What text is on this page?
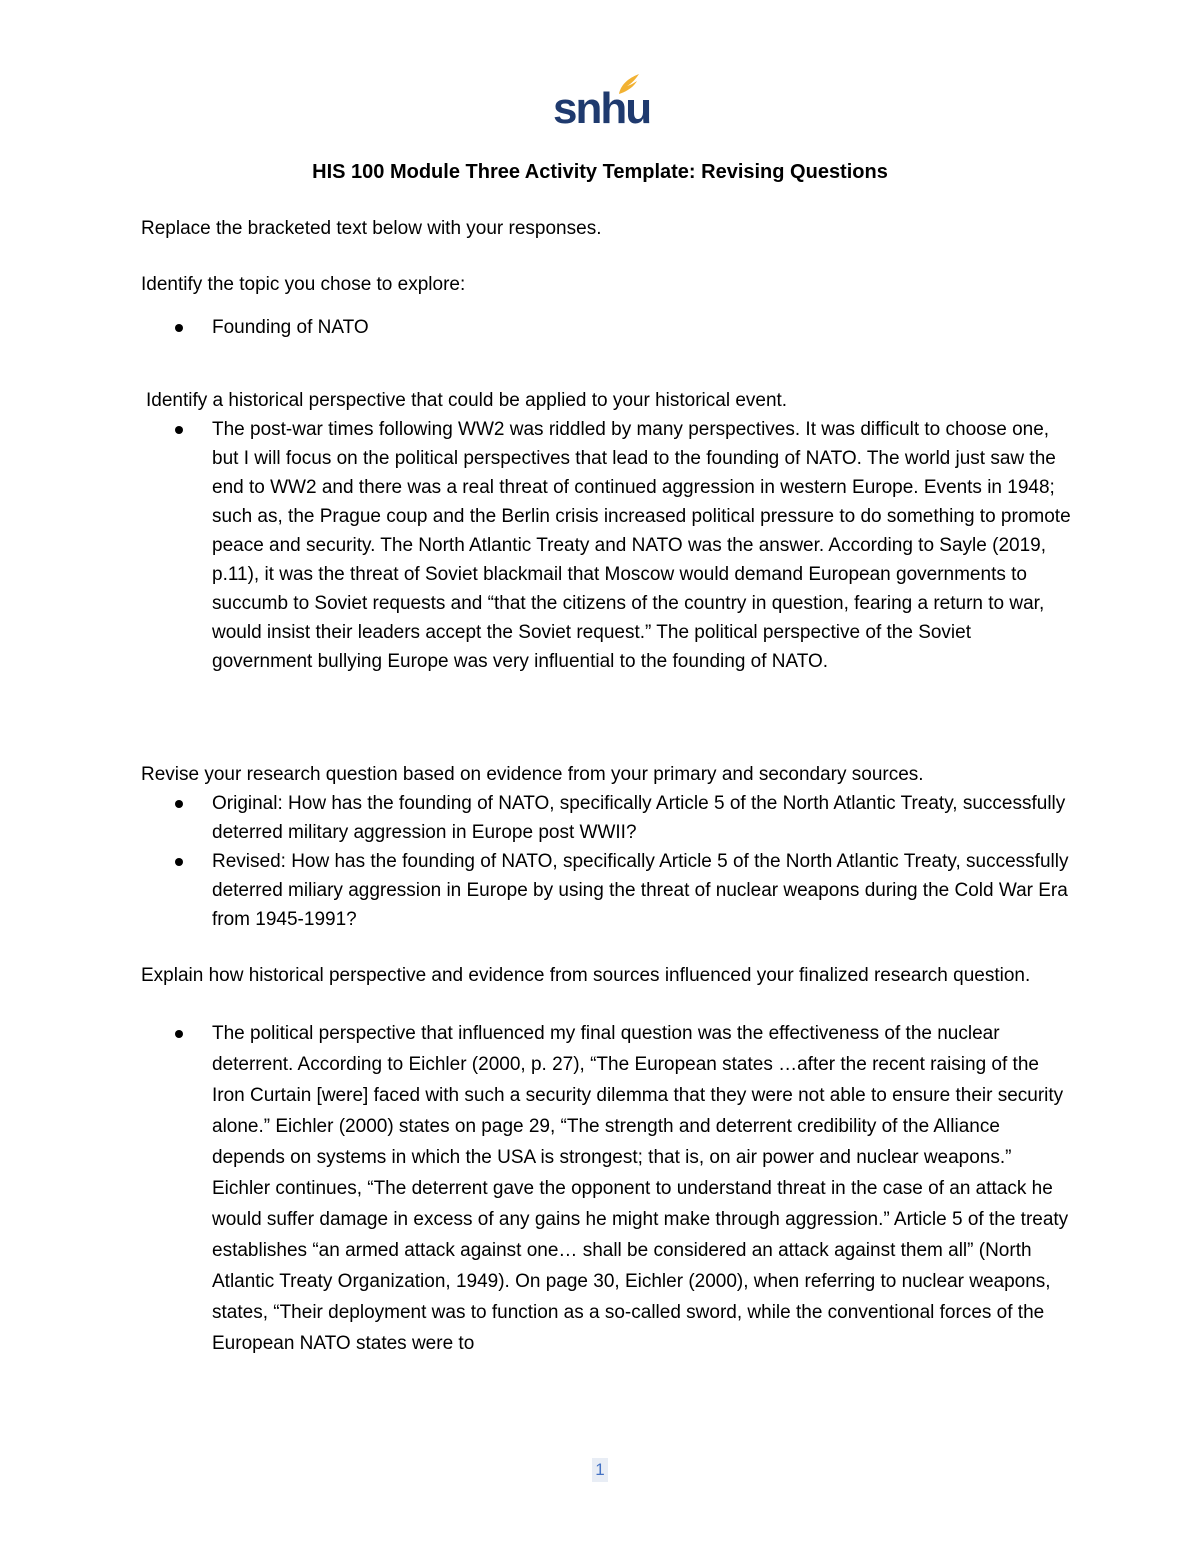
snhu
HIS 100 Module Three Activity Template: Revising Questions

Replace the bracketed text below with your responses.

Identify the topic you chose to explore:

Founding of NATO

Identify a historical perspective that could be applied to your historical event.

The post-war times following WW2 was riddled by many perspectives. It was difficult to choose one, but I will focus on the political perspectives that lead to the founding of NATO. The world just saw the end to WW2 and there was a real threat of continued aggression in western Europe. Events in 1948; such as, the Prague coup and the Berlin crisis increased political pressure to do something to promote peace and security. The North Atlantic Treaty and NATO was the answer. According to Sayle (2019, p.11), it was the threat of Soviet blackmail that Moscow would demand European governments to succumb to Soviet requests and “that the citizens of the country in question, fearing a return to war, would insist their leaders accept the Soviet request.” The political perspective of the Soviet government bullying Europe was very influential to the founding of NATO.

Revise your research question based on evidence from your primary and secondary sources.

Original: How has the founding of NATO, specifically Article 5 of the North Atlantic Treaty, successfully deterred military aggression in Europe post WWII?
Revised: How has the founding of NATO, specifically Article 5 of the North Atlantic Treaty, successfully deterred miliary aggression in Europe by using the threat of nuclear weapons during the Cold War Era from 1945-1991?

Explain how historical perspective and evidence from sources influenced your finalized research question.

The political perspective that influenced my final question was the effectiveness of the nuclear deterrent. According to Eichler (2000, p. 27), “The European states …after the recent raising of the Iron Curtain [were] faced with such a security dilemma that they were not able to ensure their security alone.” Eichler (2000) states on page 29, “The strength and deterrent credibility of the Alliance depends on systems in which the USA is strongest; that is, on air power and nuclear weapons.” Eichler continues, “The deterrent gave the opponent to understand threat in the case of an attack he would suffer damage in excess of any gains he might make through aggression.” Article 5 of the treaty establishes “an armed attack against one… shall be considered an attack against them all” (North Atlantic Treaty Organization, 1949). On page 30, Eichler (2000), when referring to nuclear weapons, states, “Their deployment was to function as a so-called sword, while the conventional forces of the European NATO states were to
1
